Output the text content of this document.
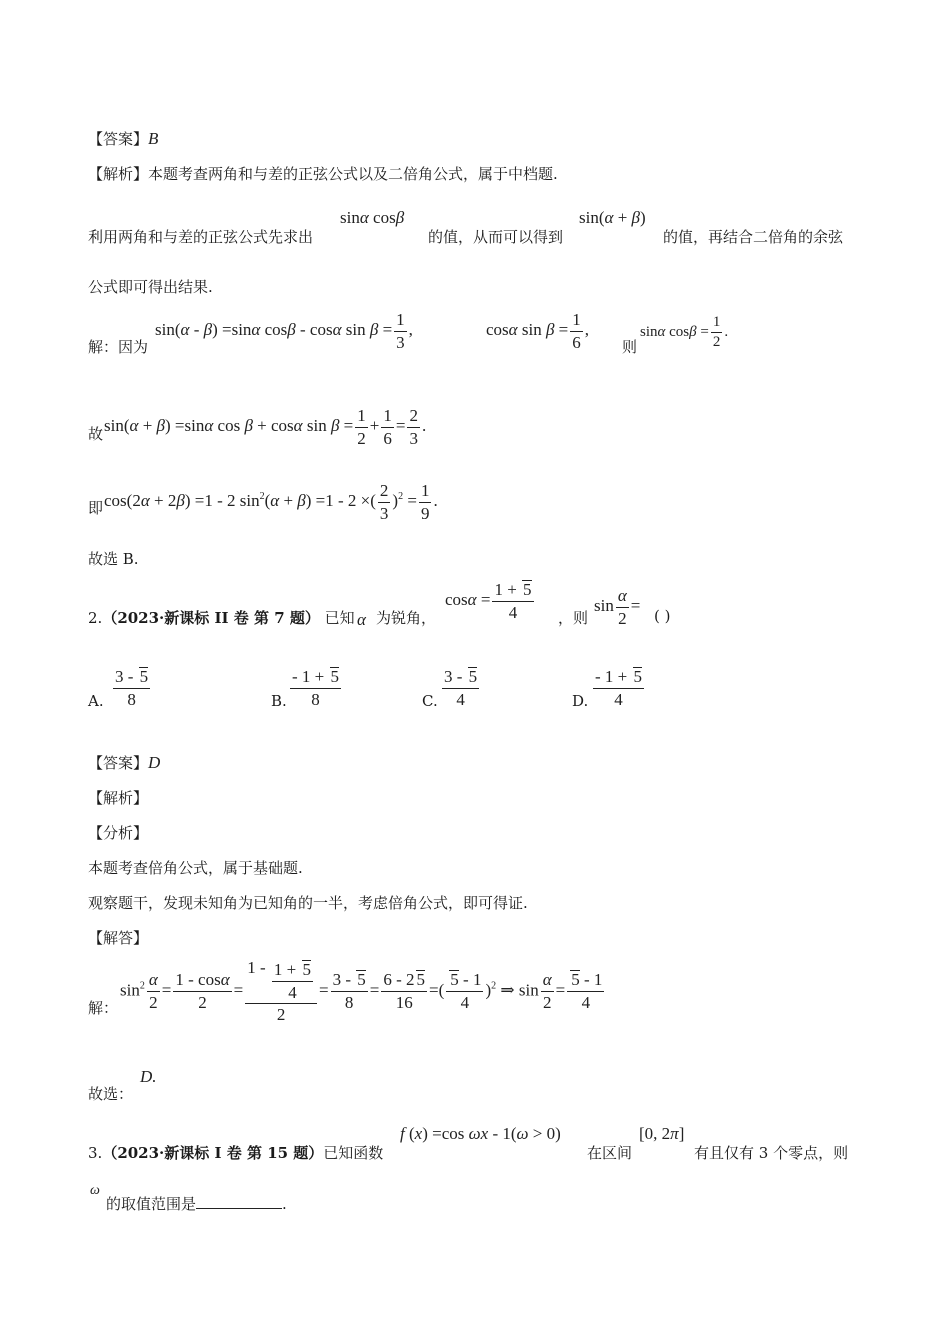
【答案】B
【解析】本题考查两角和与差的正弦公式以及二倍角公式，属于中档题.
利用两角和与差的正弦公式先求出
sinα cosβ
的值，从而可以得到
sin(α + β)
的值，再结合二倍角的余弦
公式即可得出结果.
解：因为
sin(α - β) =sinα cosβ - cosα $\sin \beta = \frac{1}{3}$ ,	cosα $\sin \beta = \frac{1}{6}$ ,
则
sinα $\cos\beta = \frac{1}{2}$ .
故 sin(α + β) =sinα cos β + cosα $\sin \beta = \frac{1}{2} + \frac{1}{6} = \frac{2}{3}$ .
即 cos(2α + 2β) =1 - 2 $\sin^2(\alpha + \beta) =1 - 2$ ×( $\frac{2}{3} )^2 = \frac{1}{9}$ .
故选 B.
2.（2023·新课标 II 卷 第 7 题） 已知 α 为锐角，
$\cos\alpha = \frac{1 + 5}{4}$ ，则
$\sin \frac{\alpha}{2}$ =
( )
A. $\frac{3 - 5}{8}$	B. $\frac{- 1 + 5}{8}$	C. $\frac{3 - 5}{4}$	D. $\frac{- 1 + 5}{4}$
【答案】D
【解析】
【分析】
本题考查倍角公式，属于基础题.
观察题干，发现未知角为已知角的一半，考虑倍角公式，即可得证.
【解答】
解：
$\sin^2 \frac{\alpha}{2} = \frac{1 - \cos\alpha}{2} = \frac{1 - \frac{1 + 5}{4}}{2} = \frac{3 - 5}{8} = \frac{6 - 2 5}{16}$ =( $\frac{5 - 1}{4} )^2$ ⇒ $\sin \frac{\alpha}{2} = \frac{5 - 1}{4}$
故选：
D.
3.（2023·新课标 I 卷 第 15 题）已知函数
f (x) =cos ωx - 1(ω > 0)
在区间
[0, 2π]
有且仅有 3 个零点，则
ω
的取值范围是	.
